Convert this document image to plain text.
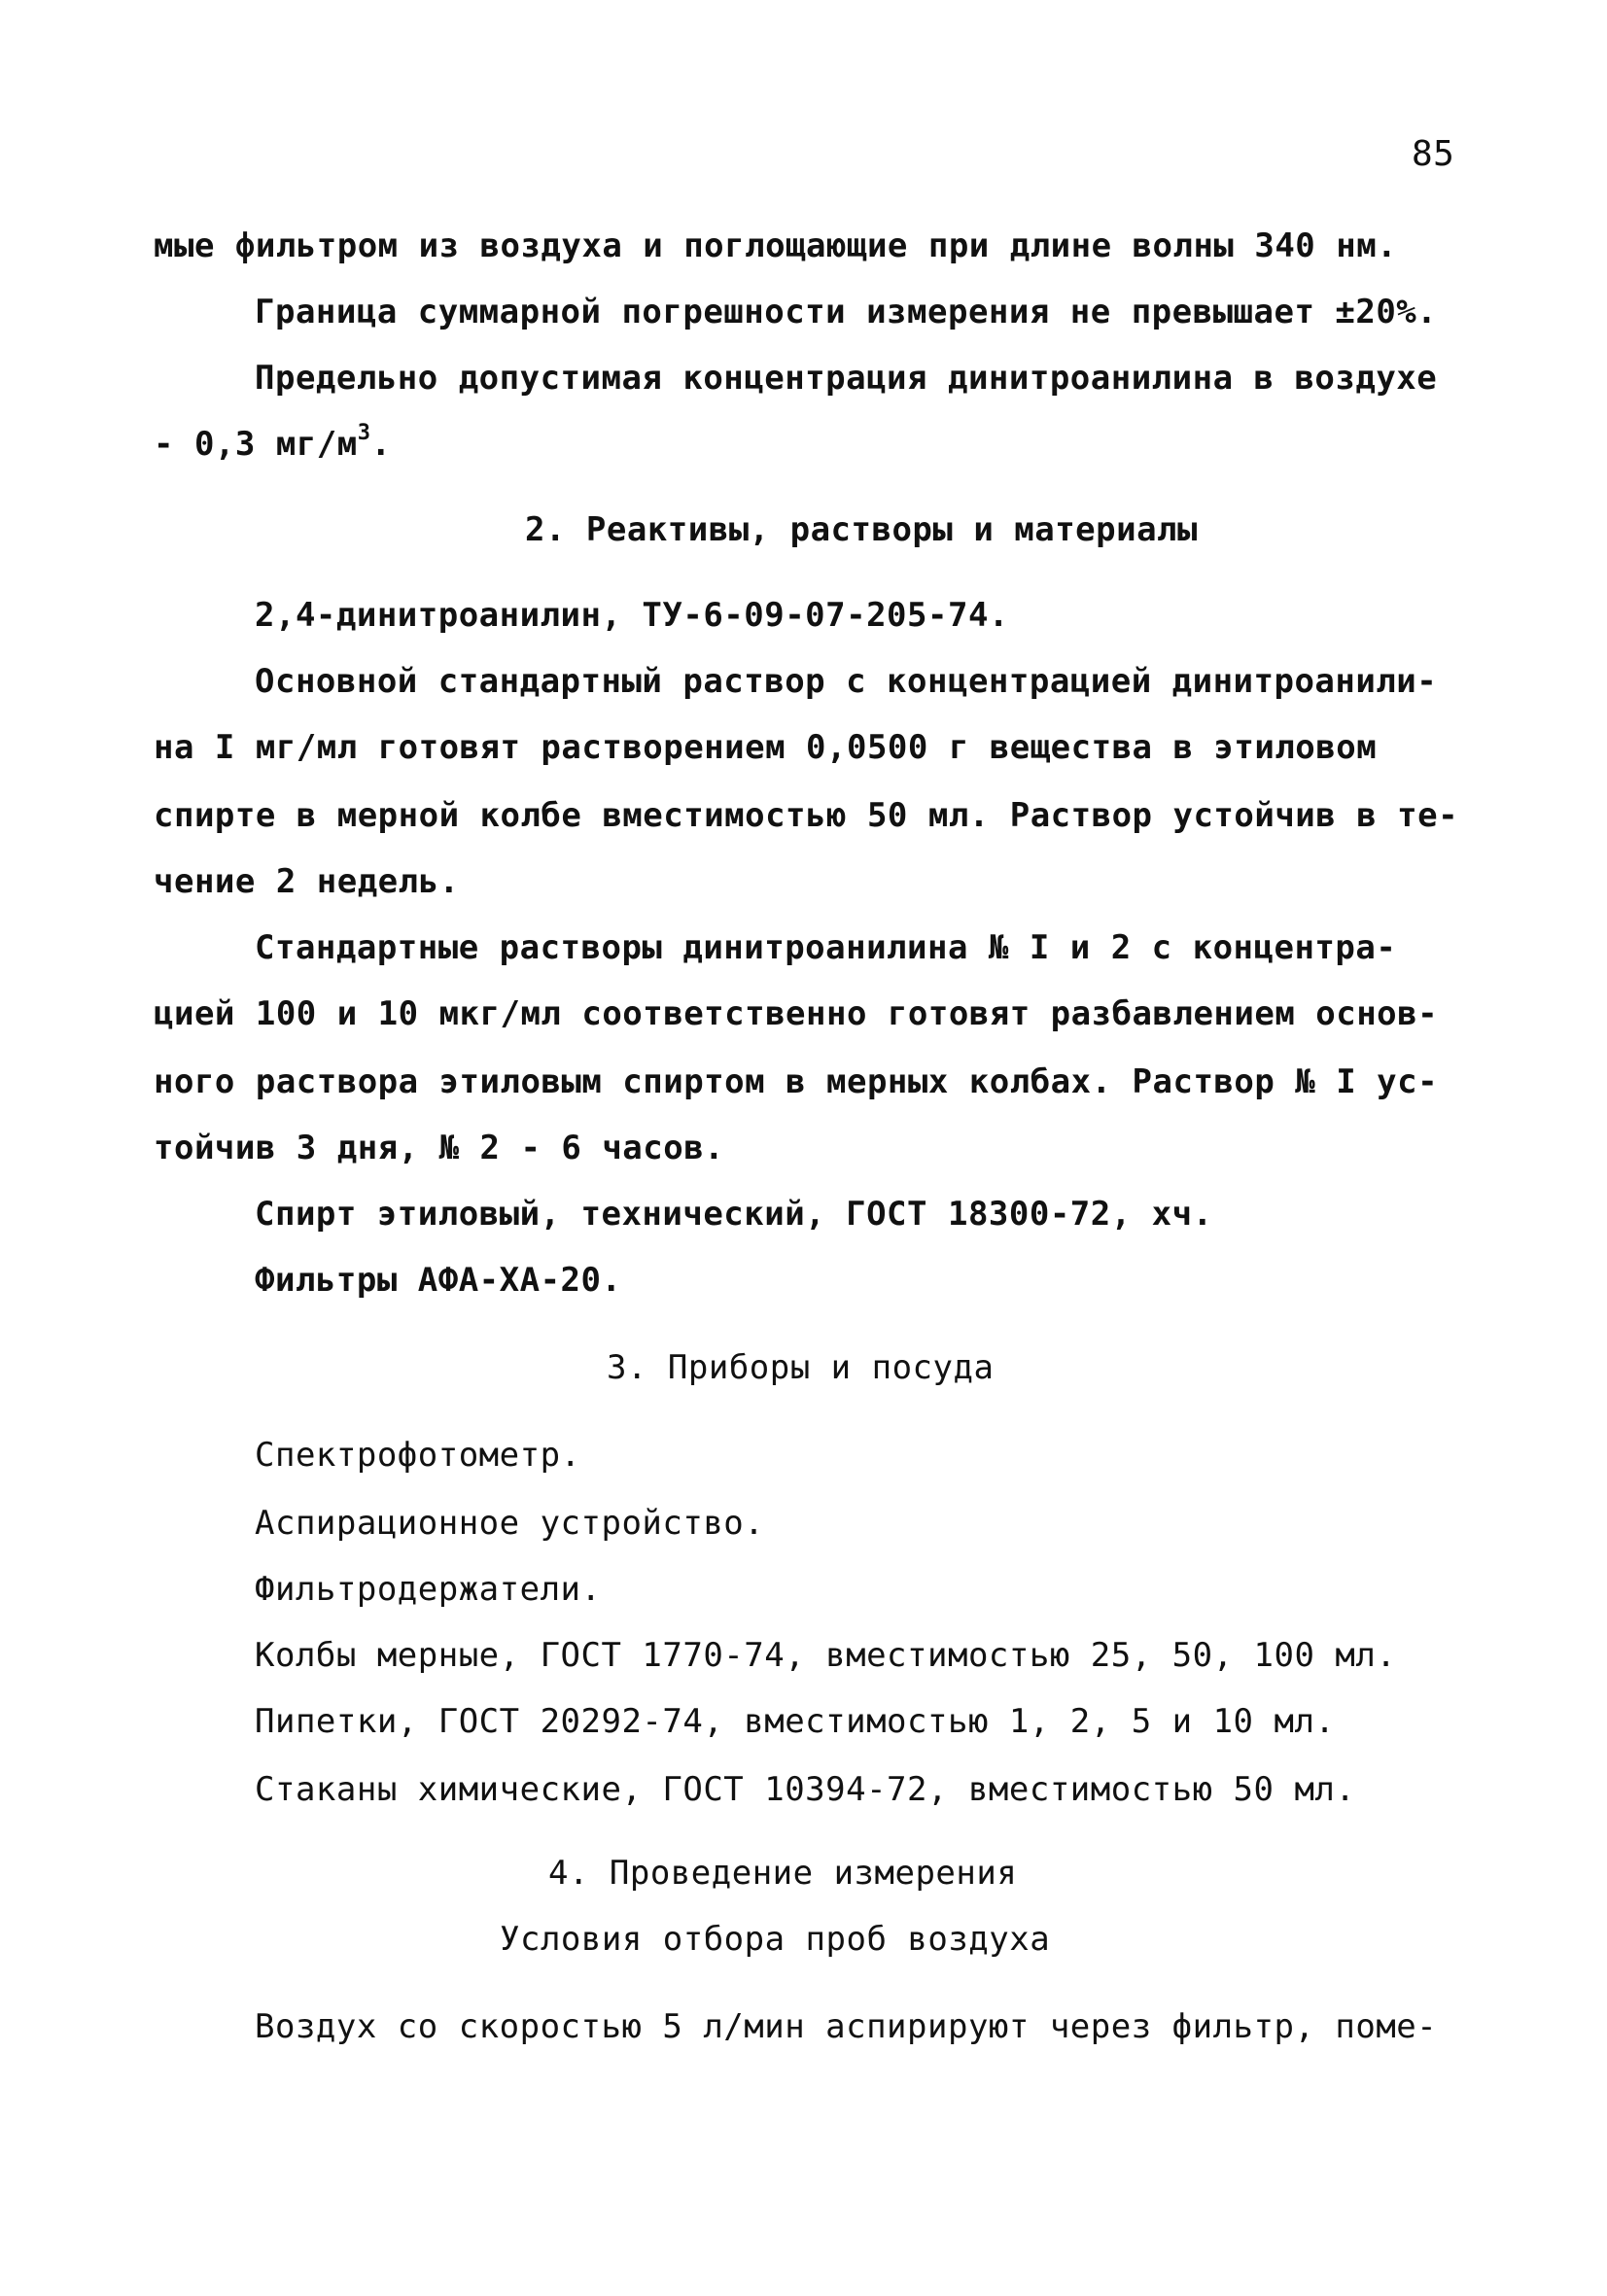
85
мые фильтром из воздуха и поглощающие при длине волны 340 нм.
Граница суммарной погрешности измерения не превышает ±20%.
Предельно допустимая концентрация динитроанилина в воздухе
- 0,3 $мг/м^3$.
2. Реактивы, растворы и материалы
2,4-динитроанилин, ТУ-6-09-07-205-74.
Основной стандартный раствор с концентрацией динитроанили-
на I мг/мл готовят растворением 0,0500 г вещества в этиловом
спирте в мерной колбе вместимостью 50 мл. Раствор устойчив в те-
чение 2 недель.
Стандартные растворы динитроанилина № I и 2 с концентра-
цией 100 и 10 мкг/мл соответственно готовят разбавлением основ-
ного раствора этиловым спиртом в мерных колбах. Раствор № I ус-
тойчив 3 дня, № 2 - 6 часов.
Спирт этиловый, технический, ГОСТ 18300-72, хч.
Фильтры АФА-ХА-20.
3. Приборы и посуда
Спектрофотометр.
Аспирационное устройство.
Фильтродержатели.
Колбы мерные, ГОСТ 1770-74, вместимостью 25, 50, 100 мл.
Пипетки, ГОСТ 20292-74, вместимостью 1, 2, 5 и 10 мл.
Стаканы химические, ГОСТ 10394-72, вместимостью 50 мл.
4. Проведение измерения
Условия отбора проб воздуха
Воздух со скоростью 5 л/мин аспирируют через фильтр, поме-
